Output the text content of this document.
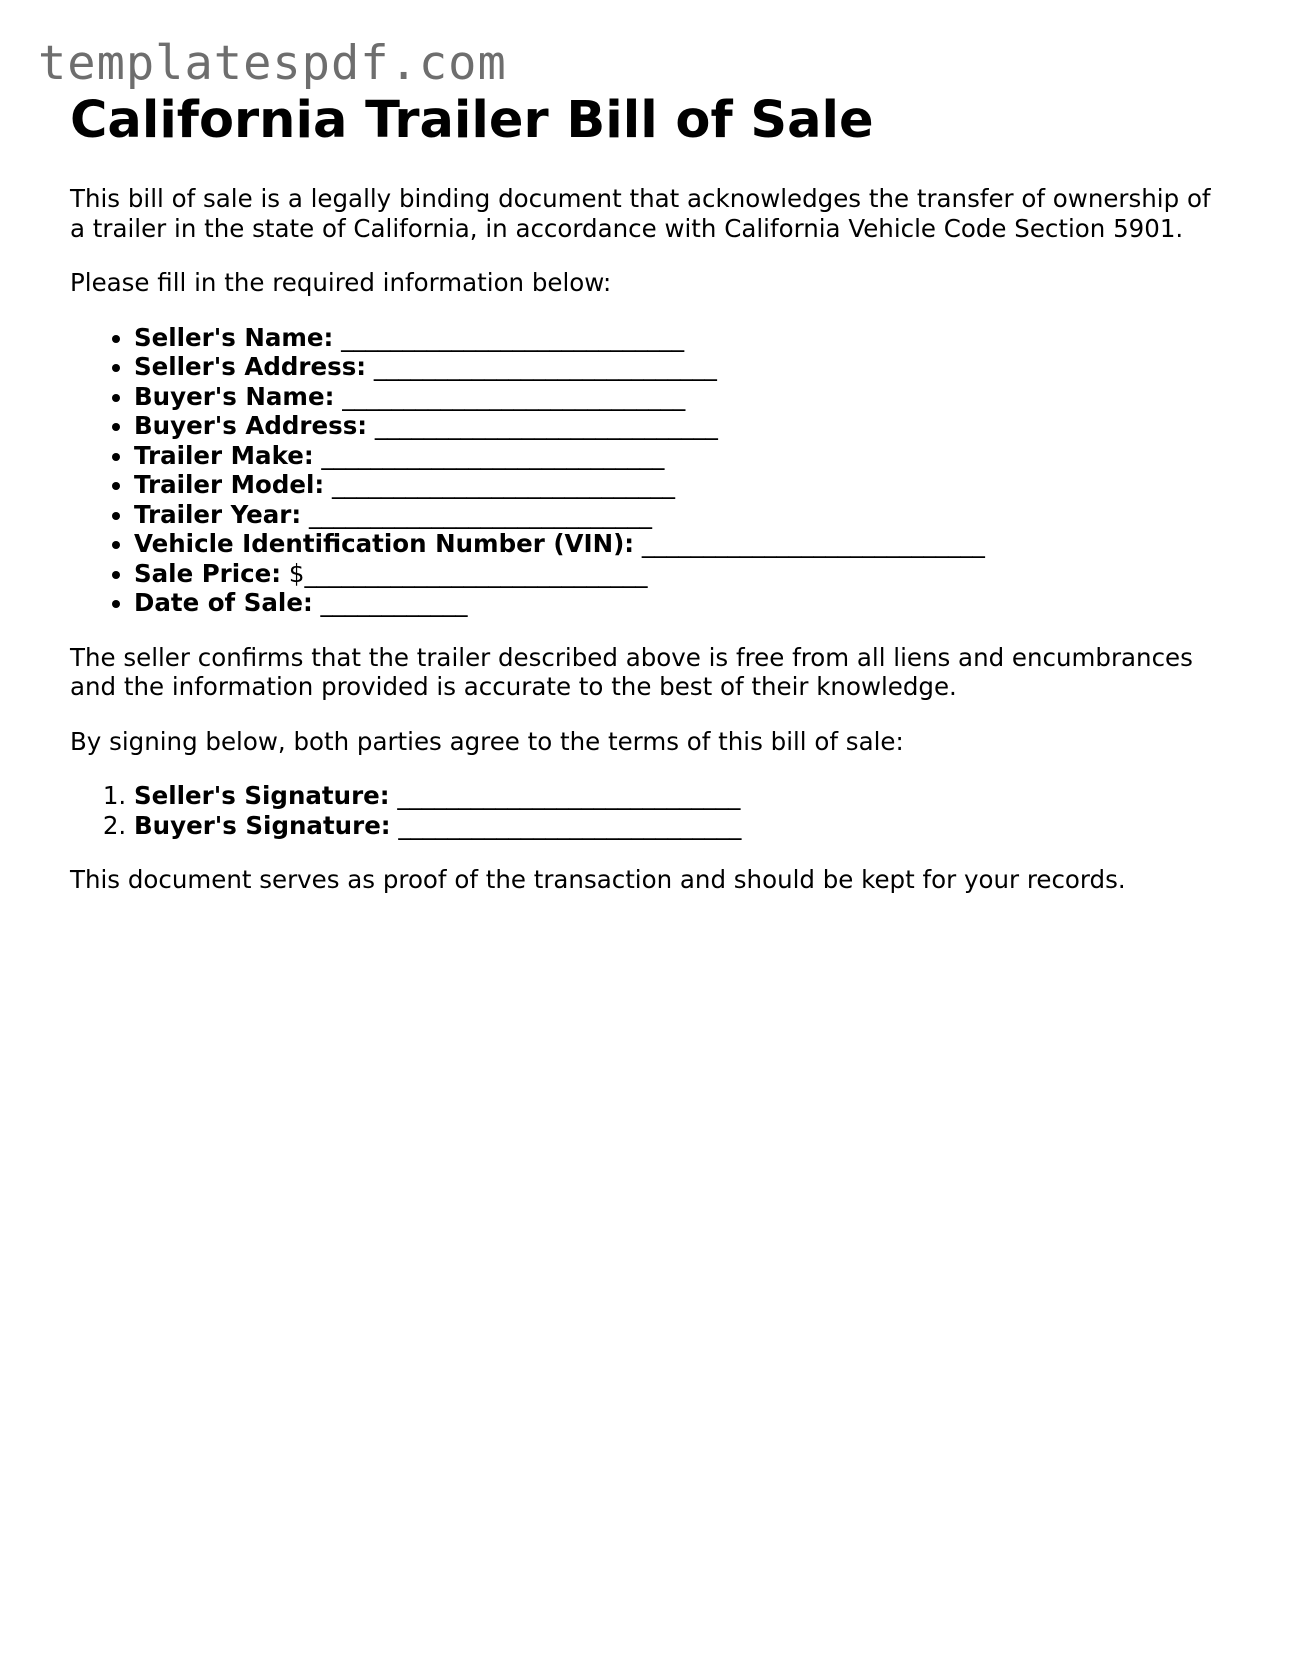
templatespdf.com
California Trailer Bill of Sale

This bill of sale is a legally binding document that acknowledges the transfer of ownership of a trailer in the state of California, in accordance with California Vehicle Code Section 5901.

Please fill in the required information below:

• Seller's Name: ____________________________
• Seller's Address: ____________________________
• Buyer's Name: ____________________________
• Buyer's Address: ____________________________
• Trailer Make: ____________________________
• Trailer Model: ____________________________
• Trailer Year: ____________________________
• Vehicle Identification Number (VIN): ____________________________
• Sale Price: $____________________________
• Date of Sale: ____________

The seller confirms that the trailer described above is free from all liens and encumbrances and the information provided is accurate to the best of their knowledge.

By signing below, both parties agree to the terms of this bill of sale:

1. Seller's Signature: ____________________________
2. Buyer's Signature: ____________________________

This document serves as proof of the transaction and should be kept for your records.
